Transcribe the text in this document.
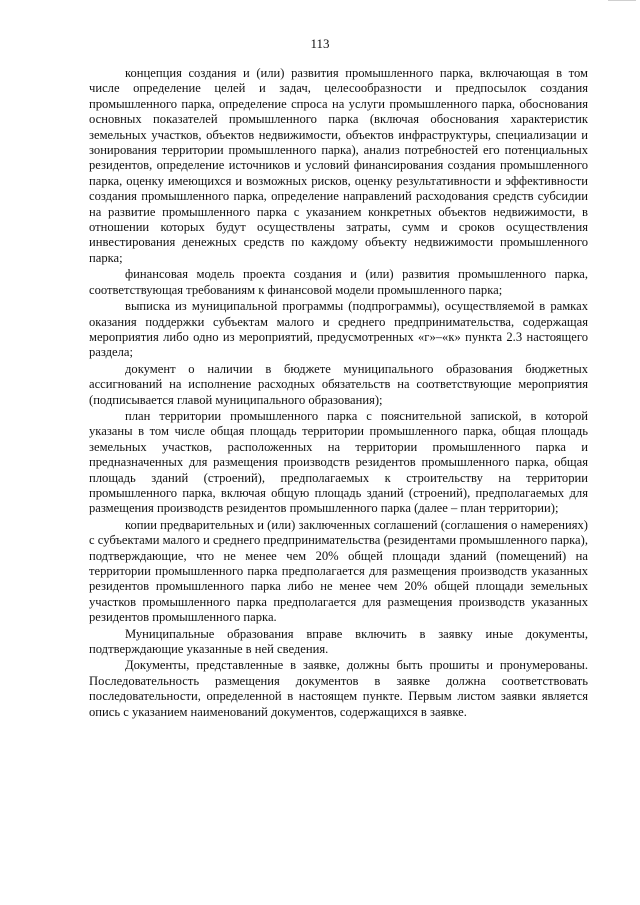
113

концепция создания и (или) развития промышленного парка, включающая в том числе определение целей и задач, целесообразности и предпосылок создания промышленного парка, определение спроса на услуги промышленного парка, обоснования основных показателей промышленного парка (включая обоснования характеристик земельных участков, объектов недвижимости, объектов инфраструктуры, специализации и зонирования территории промышленного парка), анализ потребностей его потенциальных резидентов, определение источников и условий финансирования создания промышленного парка, оценку имеющихся и возможных рисков, оценку результативности и эффективности создания промышленного парка, определение направлений расходования средств субсидии на развитие промышленного парка с указанием конкретных объектов недвижимости, в отношении которых будут осуществлены затраты, сумм и сроков осуществления инвестирования денежных средств по каждому объекту недвижимости промышленного парка;

финансовая модель проекта создания и (или) развития промышленного парка, соответствующая требованиям к финансовой модели промышленного парка;

выписка из муниципальной программы (подпрограммы), осуществляемой в рамках оказания поддержки субъектам малого и среднего предпринимательства, содержащая мероприятия либо одно из мероприятий, предусмотренных «г»–«к» пункта 2.3 настоящего раздела;

документ о наличии в бюджете муниципального образования бюджетных ассигнований на исполнение расходных обязательств на соответствующие мероприятия (подписывается главой муниципального образования);

план территории промышленного парка с пояснительной запиской, в которой указаны в том числе общая площадь территории промышленного парка, общая площадь земельных участков, расположенных на территории промышленного парка и предназначенных для размещения производств резидентов промышленного парка, общая площадь зданий (строений), предполагаемых к строительству на территории промышленного парка, включая общую площадь зданий (строений), предполагаемых для размещения производств резидентов промышленного парка (далее – план территории);

копии предварительных и (или) заключенных соглашений (соглашения о намерениях) с субъектами малого и среднего предпринимательства (резидентами промышленного парка), подтверждающие, что не менее чем 20% общей площади зданий (помещений) на территории промышленного парка предполагается для размещения производств указанных резидентов промышленного парка либо не менее чем 20% общей площади земельных участков промышленного парка предполагается для размещения производств указанных резидентов промышленного парка.

Муниципальные образования вправе включить в заявку иные документы, подтверждающие указанные в ней сведения.

Документы, представленные в заявке, должны быть прошиты и пронумерованы. Последовательность размещения документов в заявке должна соответствовать последовательности, определенной в настоящем пункте. Первым листом заявки является опись с указанием наименований документов, содержащихся в заявке.
